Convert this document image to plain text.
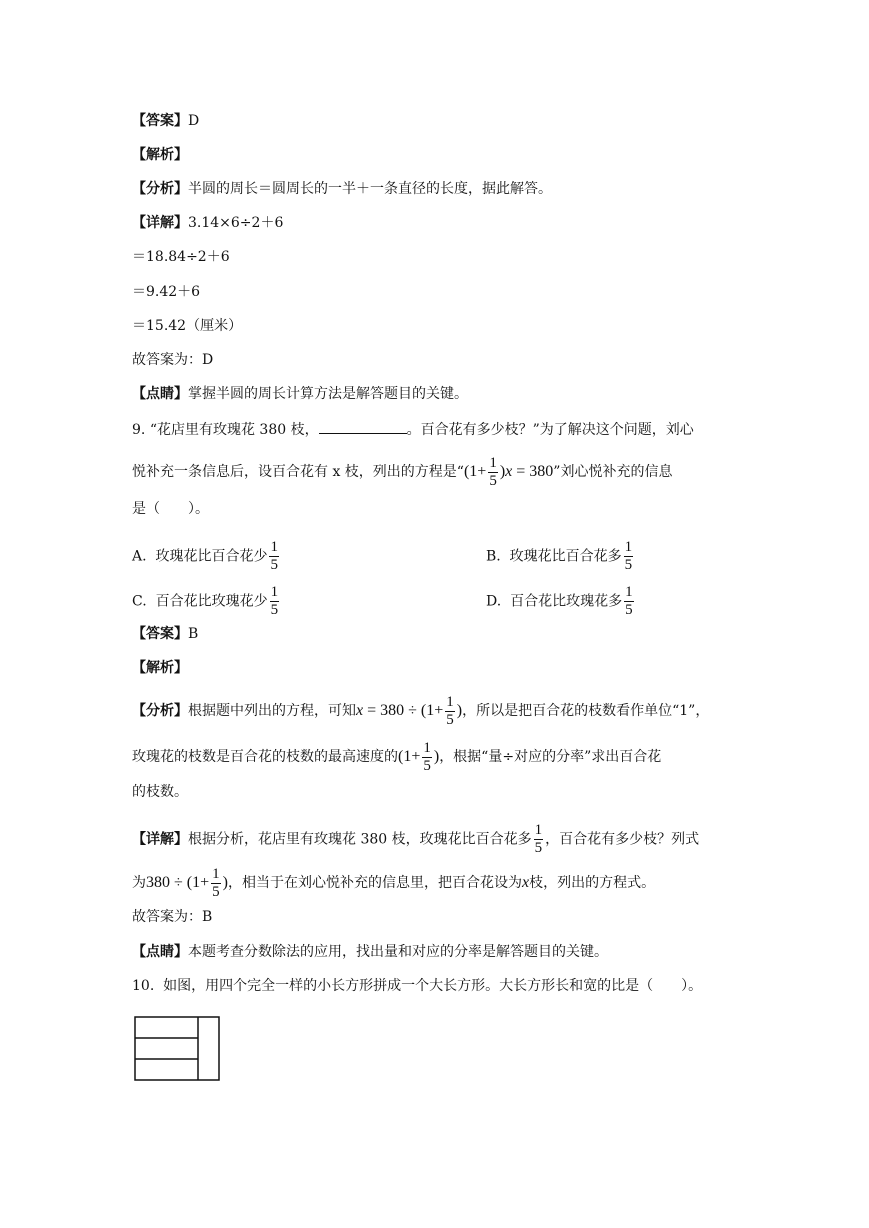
【答案】D
【解析】
【分析】半圆的周长＝圆周长的一半＋一条直径的长度，据此解答。
【详解】3.14×6÷2＋6
＝18.84÷2＋6
＝9.42＋6
＝15.42（厘米）
故答案为：D
【点睛】掌握半圆的周长计算方法是解答题目的关键。
9. “花店里有玫瑰花 380 枝，	。百合花有多少枝？”为了解决这个问题，刘心
悦补充一条信息后，设百合花有 x 枝，列出的方程是“$(1+ \frac{1}{5} )x = 380$”刘心悦补充的信息
是（　　）。
A. 玫瑰花比百合花少 $\frac{1}{5}$	B. 玫瑰花比百合花多 $\frac{1}{5}$
C. 百合花比玫瑰花少 $\frac{1}{5}$	D. 百合花比玫瑰花多 $\frac{1}{5}$
【答案】B
【解析】
【分析】根据题中列出的方程，可知$x = 380 \div (1+ \frac{1}{5}$ )，所以是把百合花的枝数看作单位“1”，
玫瑰花的枝数是百合花的枝数的最高速度的($1+ \frac{1}{5}$ )，根据“量÷对应的分率”求出百合花
的枝数。
【详解】根据分析，花店里有玫瑰花 380 枝，玫瑰花比百合花多 $\frac{1}{5}$ ，百合花有多少枝？列式
为$380 \div (1+ \frac{1}{5}$ )，相当于在刘心悦补充的信息里，把百合花设为x枝，列出的方程式。
故答案为：B
【点睛】本题考查分数除法的应用，找出量和对应的分率是解答题目的关键。
10. 如图，用四个完全一样的小长方形拼成一个大长方形。大长方形长和宽的比是（　　）。
